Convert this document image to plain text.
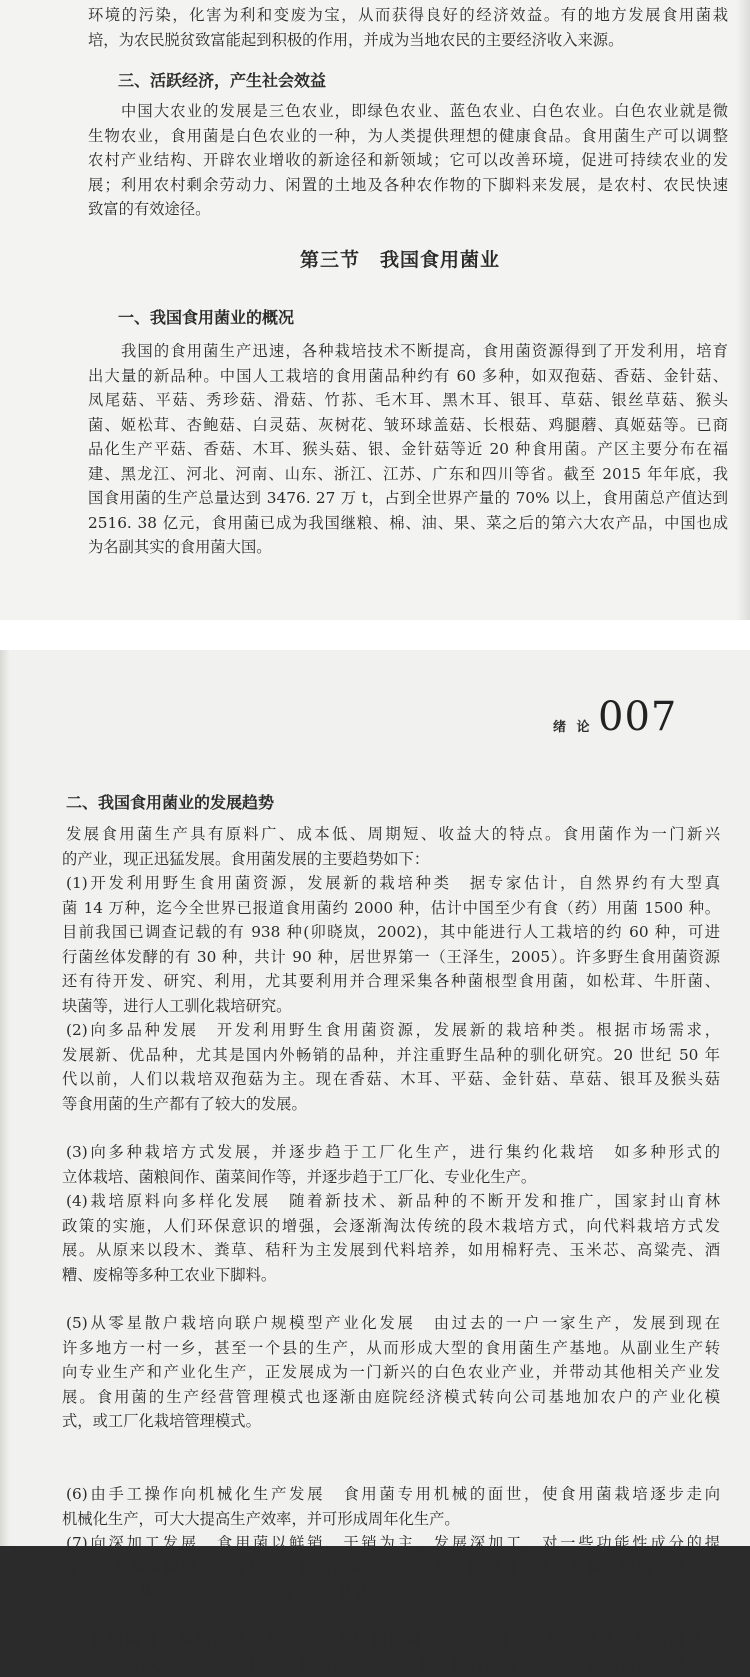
环境的污染，化害为利和变废为宝，从而获得良好的经济效益。有的地方发展食用菌栽
培，为农民脱贫致富能起到积极的作用，并成为当地农民的主要经济收入来源。

三、活跃经济，产生社会效益

中国大农业的发展是三色农业，即绿色农业、蓝色农业、白色农业。白色农业就是微
生物农业，食用菌是白色农业的一种，为人类提供理想的健康食品。食用菌生产可以调整
农村产业结构、开辟农业增收的新途径和新领域；它可以改善环境，促进可持续农业的发
展；利用农村剩余劳动力、闲置的土地及各种农作物的下脚料来发展，是农村、农民快速
致富的有效途径。

第三节　我国食用菌业
一、我国食用菌业的概况

我国的食用菌生产迅速，各种栽培技术不断提高，食用菌资源得到了开发利用，培育
出大量的新品种。中国人工栽培的食用菌品种约有 60 多种，如双孢菇、香菇、金针菇、
凤尾菇、平菇、秀珍菇、滑菇、竹荪、毛木耳、黑木耳、银耳、草菇、银丝草菇、猴头
菌、姬松茸、杏鲍菇、白灵菇、灰树花、皱环球盖菇、长根菇、鸡腿蘑、真姬菇等。已商
品化生产平菇、香菇、木耳、猴头菇、银、金针菇等近 20 种食用菌。产区主要分布在福
建、黑龙江、河北、河南、山东、浙江、江苏、广东和四川等省。截至 2015 年年底，我
国食用菌的生产总量达到 3476. 27 万 t，占到全世界产量的 70% 以上，食用菌总产值达到
2516. 38 亿元，食用菌已成为我国继粮、棉、油、果、菜之后的第六大农产品，中国也成
为名副其实的食用菌大国。

绪 论 007
二、我国食用菌业的发展趋势

发展食用菌生产具有原料广、成本低、周期短、收益大的特点。食用菌作为一门新兴
的产业，现正迅猛发展。食用菌发展的主要趋势如下：

(1)开发利用野生食用菌资源，发展新的栽培种类　据专家估计，自然界约有大型真
菌 14 万种，迄今全世界已报道食用菌约 2000 种，估计中国至少有食（药）用菌 1500 种。
目前我国已调查记载的有 938 种(卯晓岚，2002)，其中能进行人工栽培的约 60 种，可进
行菌丝体发酵的有 30 种，共计 90 种，居世界第一（王泽生，2005）。许多野生食用菌资源
还有待开发、研究、利用，尤其要利用并合理采集各种菌根型食用菌，如松茸、牛肝菌、
块菌等，进行人工驯化栽培研究。

(2)向多品种发展　开发利用野生食用菌资源，发展新的栽培种类。根据市场需求，
发展新、优品种，尤其是国内外畅销的品种，并注重野生品种的驯化研究。20 世纪 50 年
代以前，人们以栽培双孢菇为主。现在香菇、木耳、平菇、金针菇、草菇、银耳及猴头菇
等食用菌的生产都有了较大的发展。

(3)向多种栽培方式发展，并逐步趋于工厂化生产，进行集约化栽培　如多种形式的
立体栽培、菌粮间作、菌菜间作等，并逐步趋于工厂化、专业化生产。

(4)栽培原料向多样化发展　随着新技术、新品种的不断开发和推广，国家封山育林
政策的实施，人们环保意识的增强，会逐渐淘汰传统的段木栽培方式，向代料栽培方式发
展。从原来以段木、粪草、秸秆为主发展到代料培养，如用棉籽壳、玉米芯、高粱壳、酒
糟、废棉等多种工农业下脚料。

(5)从零星散户栽培向联户规模型产业化发展　由过去的一户一家生产，发展到现在
许多地方一村一乡，甚至一个县的生产，从而形成大型的食用菌生产基地。从副业生产转
向专业生产和产业化生产，正发展成为一门新兴的白色农业产业，并带动其他相关产业发
展。食用菌的生产经营管理模式也逐渐由庭院经济模式转向公司基地加农户的产业化模
式，或工厂化栽培管理模式。

(6)由手工操作向机械化生产发展　食用菌专用机械的面世，使食用菌栽培逐步走向
机械化生产，可大大提高生产效率，并可形成周年化生产。

(7)向深加工发展　食用菌以鲜销、干销为主，发展深加工，对一些功能性成分的提
取，如真菌多糖等，向保健品、药品方向发展。同时，注重食用菌的贮藏、运输开发。逐
渐形成一个从生产、加工到销售的一条产业链。

(8)食用菌流通网络渐成规模　全国食用菌流通形成了以批发市场、集贸市场为载体，
以农民经纪人、专业合作社、运销商贩、加工企业为核心的格局。全国各类食用菌批发市
